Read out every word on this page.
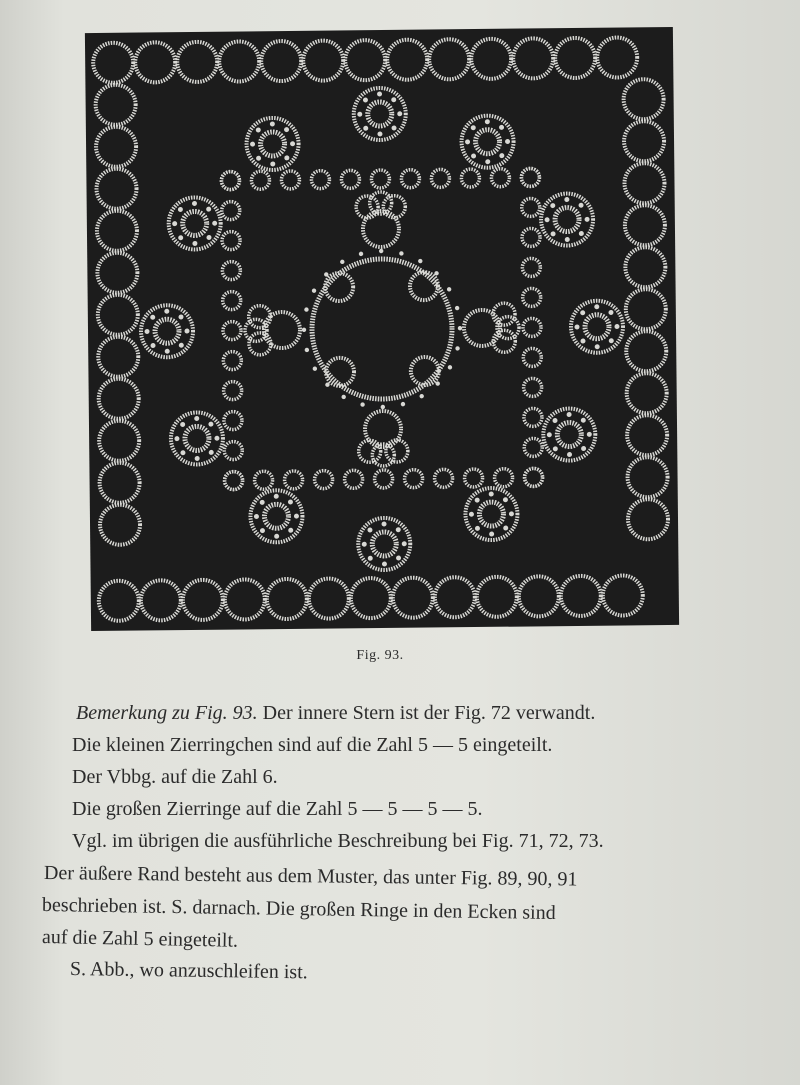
Fig. 93.
Bemerkung zu Fig. 93. Der innere Stern ist der Fig. 72 verwandt.
Die kleinen Zierringchen sind auf die Zahl 5 — 5 eingeteilt.
Der Vbbg. auf die Zahl 6.
Die großen Zierringe auf die Zahl 5 — 5 — 5 — 5.
Vgl. im übrigen die ausführliche Beschreibung bei Fig. 71, 72, 73.
Der äußere Rand besteht aus dem Muster, das unter Fig. 89, 90, 91
beschrieben ist. S. darnach. Die großen Ringe in den Ecken sind
auf die Zahl 5 eingeteilt.
S. Abb., wo anzuschleifen ist.
